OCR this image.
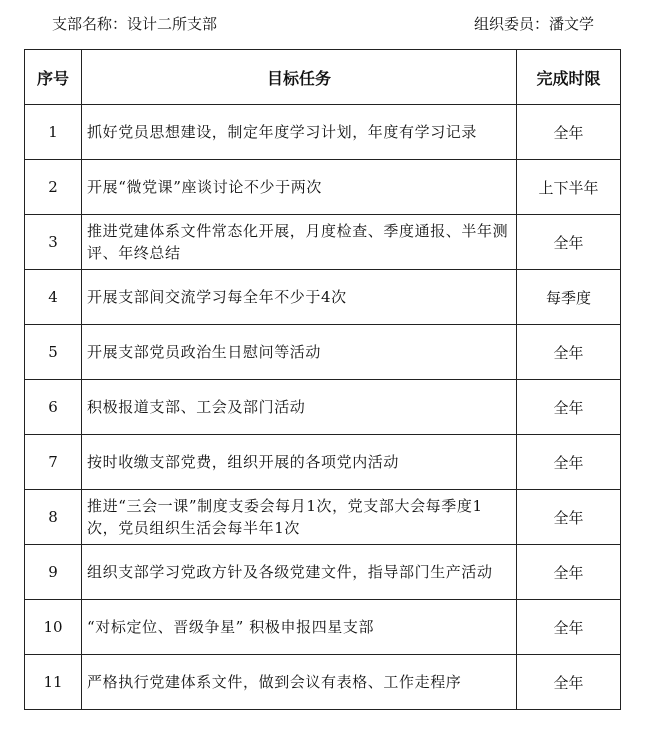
支部名称：设计二所支部	组织委员：潘文学
序号	目标任务	完成时限
1	抓好党员思想建设，制定年度学习计划，年度有学习记录	全年
2	开展“微党课”座谈讨论不少于两次	上下半年
3	推进党建体系文件常态化开展，月度检查、季度通报、半年测评、年终总结	全年
4	开展支部间交流学习每全年不少于4次	每季度
5	开展支部党员政治生日慰问等活动	全年
6	积极报道支部、工会及部门活动	全年
7	按时收缴支部党费，组织开展的各项党内活动	全年
8	推进“三会一课”制度支委会每月1次，党支部大会每季度1次，党员组织生活会每半年1次	全年
9	组织支部学习党政方针及各级党建文件，指导部门生产活动	全年
10	“对标定位、晋级争星” 积极申报四星支部	全年
11	严格执行党建体系文件，做到会议有表格、工作走程序	全年
